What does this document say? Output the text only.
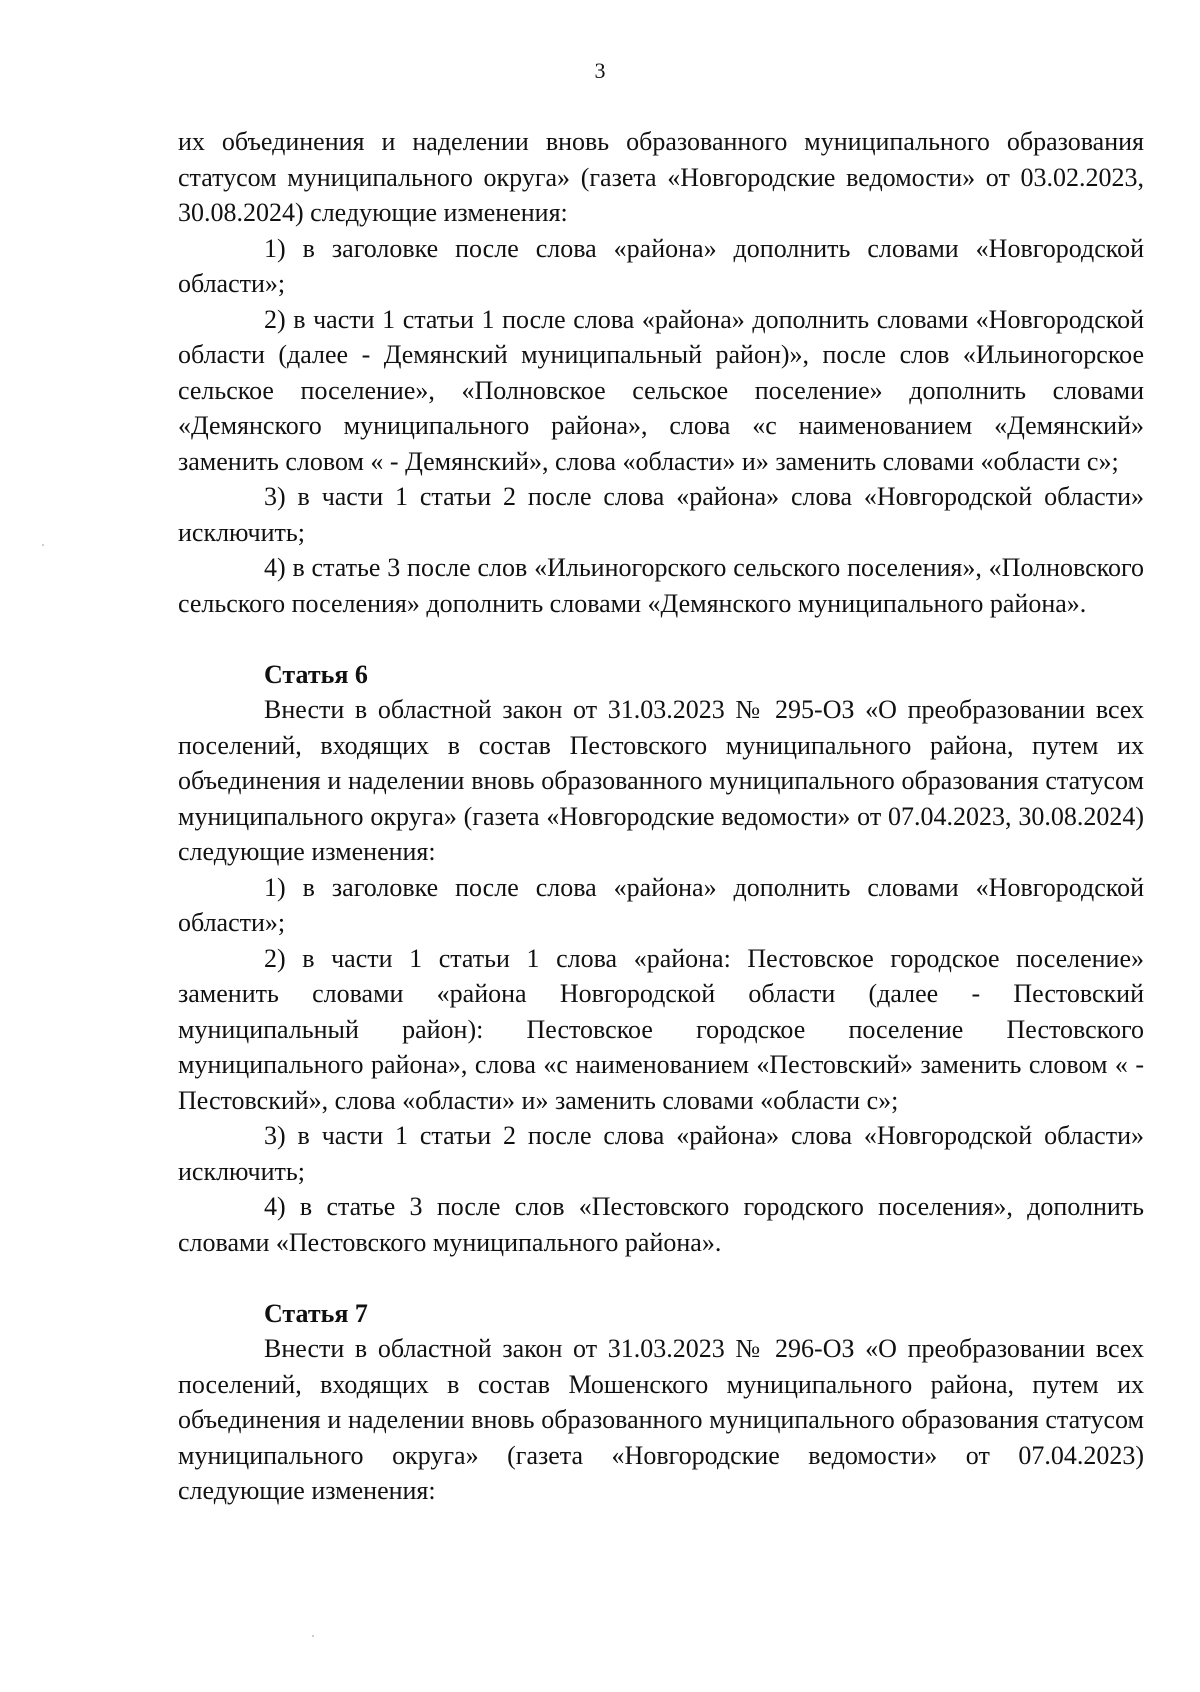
3

их объединения и наделении вновь образованного муниципального образования статусом муниципального округа» (газета «Новгородские ведомости» от 03.02.2023, 30.08.2024) следующие изменения:

1) в заголовке после слова «района» дополнить словами «Новгородской области»;

2) в части 1 статьи 1 после слова «района» дополнить словами «Новгородской области (далее - Демянский муниципальный район)», после слов «Ильиногорское сельское поселение», «Полновское сельское поселение» дополнить словами «Демянского муниципального района», слова «с наименованием «Демянский» заменить словом « - Демянский», слова «области» и» заменить словами «области с»;

3) в части 1 статьи 2 после слова «района» слова «Новгородской области» исключить;

4) в статье 3 после слов «Ильиногорского сельского поселения», «Полновского сельского поселения» дополнить словами «Демянского муниципального района».

Статья 6

Внести в областной закон от 31.03.2023 № 295-ОЗ «О преобразовании всех поселений, входящих в состав Пестовского муниципального района, путем их объединения и наделении вновь образованного муниципального образования статусом муниципального округа» (газета «Новгородские ведомости» от 07.04.2023, 30.08.2024) следующие изменения:

1) в заголовке после слова «района» дополнить словами «Новгородской области»;

2) в части 1 статьи 1 слова «района: Пестовское городское поселение» заменить словами «района Новгородской области (далее - Пестовский муниципальный район): Пестовское городское поселение Пестовского муниципального района», слова «с наименованием «Пестовский» заменить словом « - Пестовский», слова «области» и» заменить словами «области с»;

3) в части 1 статьи 2 после слова «района» слова «Новгородской области» исключить;

4) в статье 3 после слов «Пестовского городского поселения», дополнить словами «Пестовского муниципального района».

Статья 7

Внести в областной закон от 31.03.2023 № 296-ОЗ «О преобразовании всех поселений, входящих в состав Мошенского муниципального района, путем их объединения и наделении вновь образованного муниципального образования статусом муниципального округа» (газета «Новгородские ведомости» от 07.04.2023) следующие изменения:
